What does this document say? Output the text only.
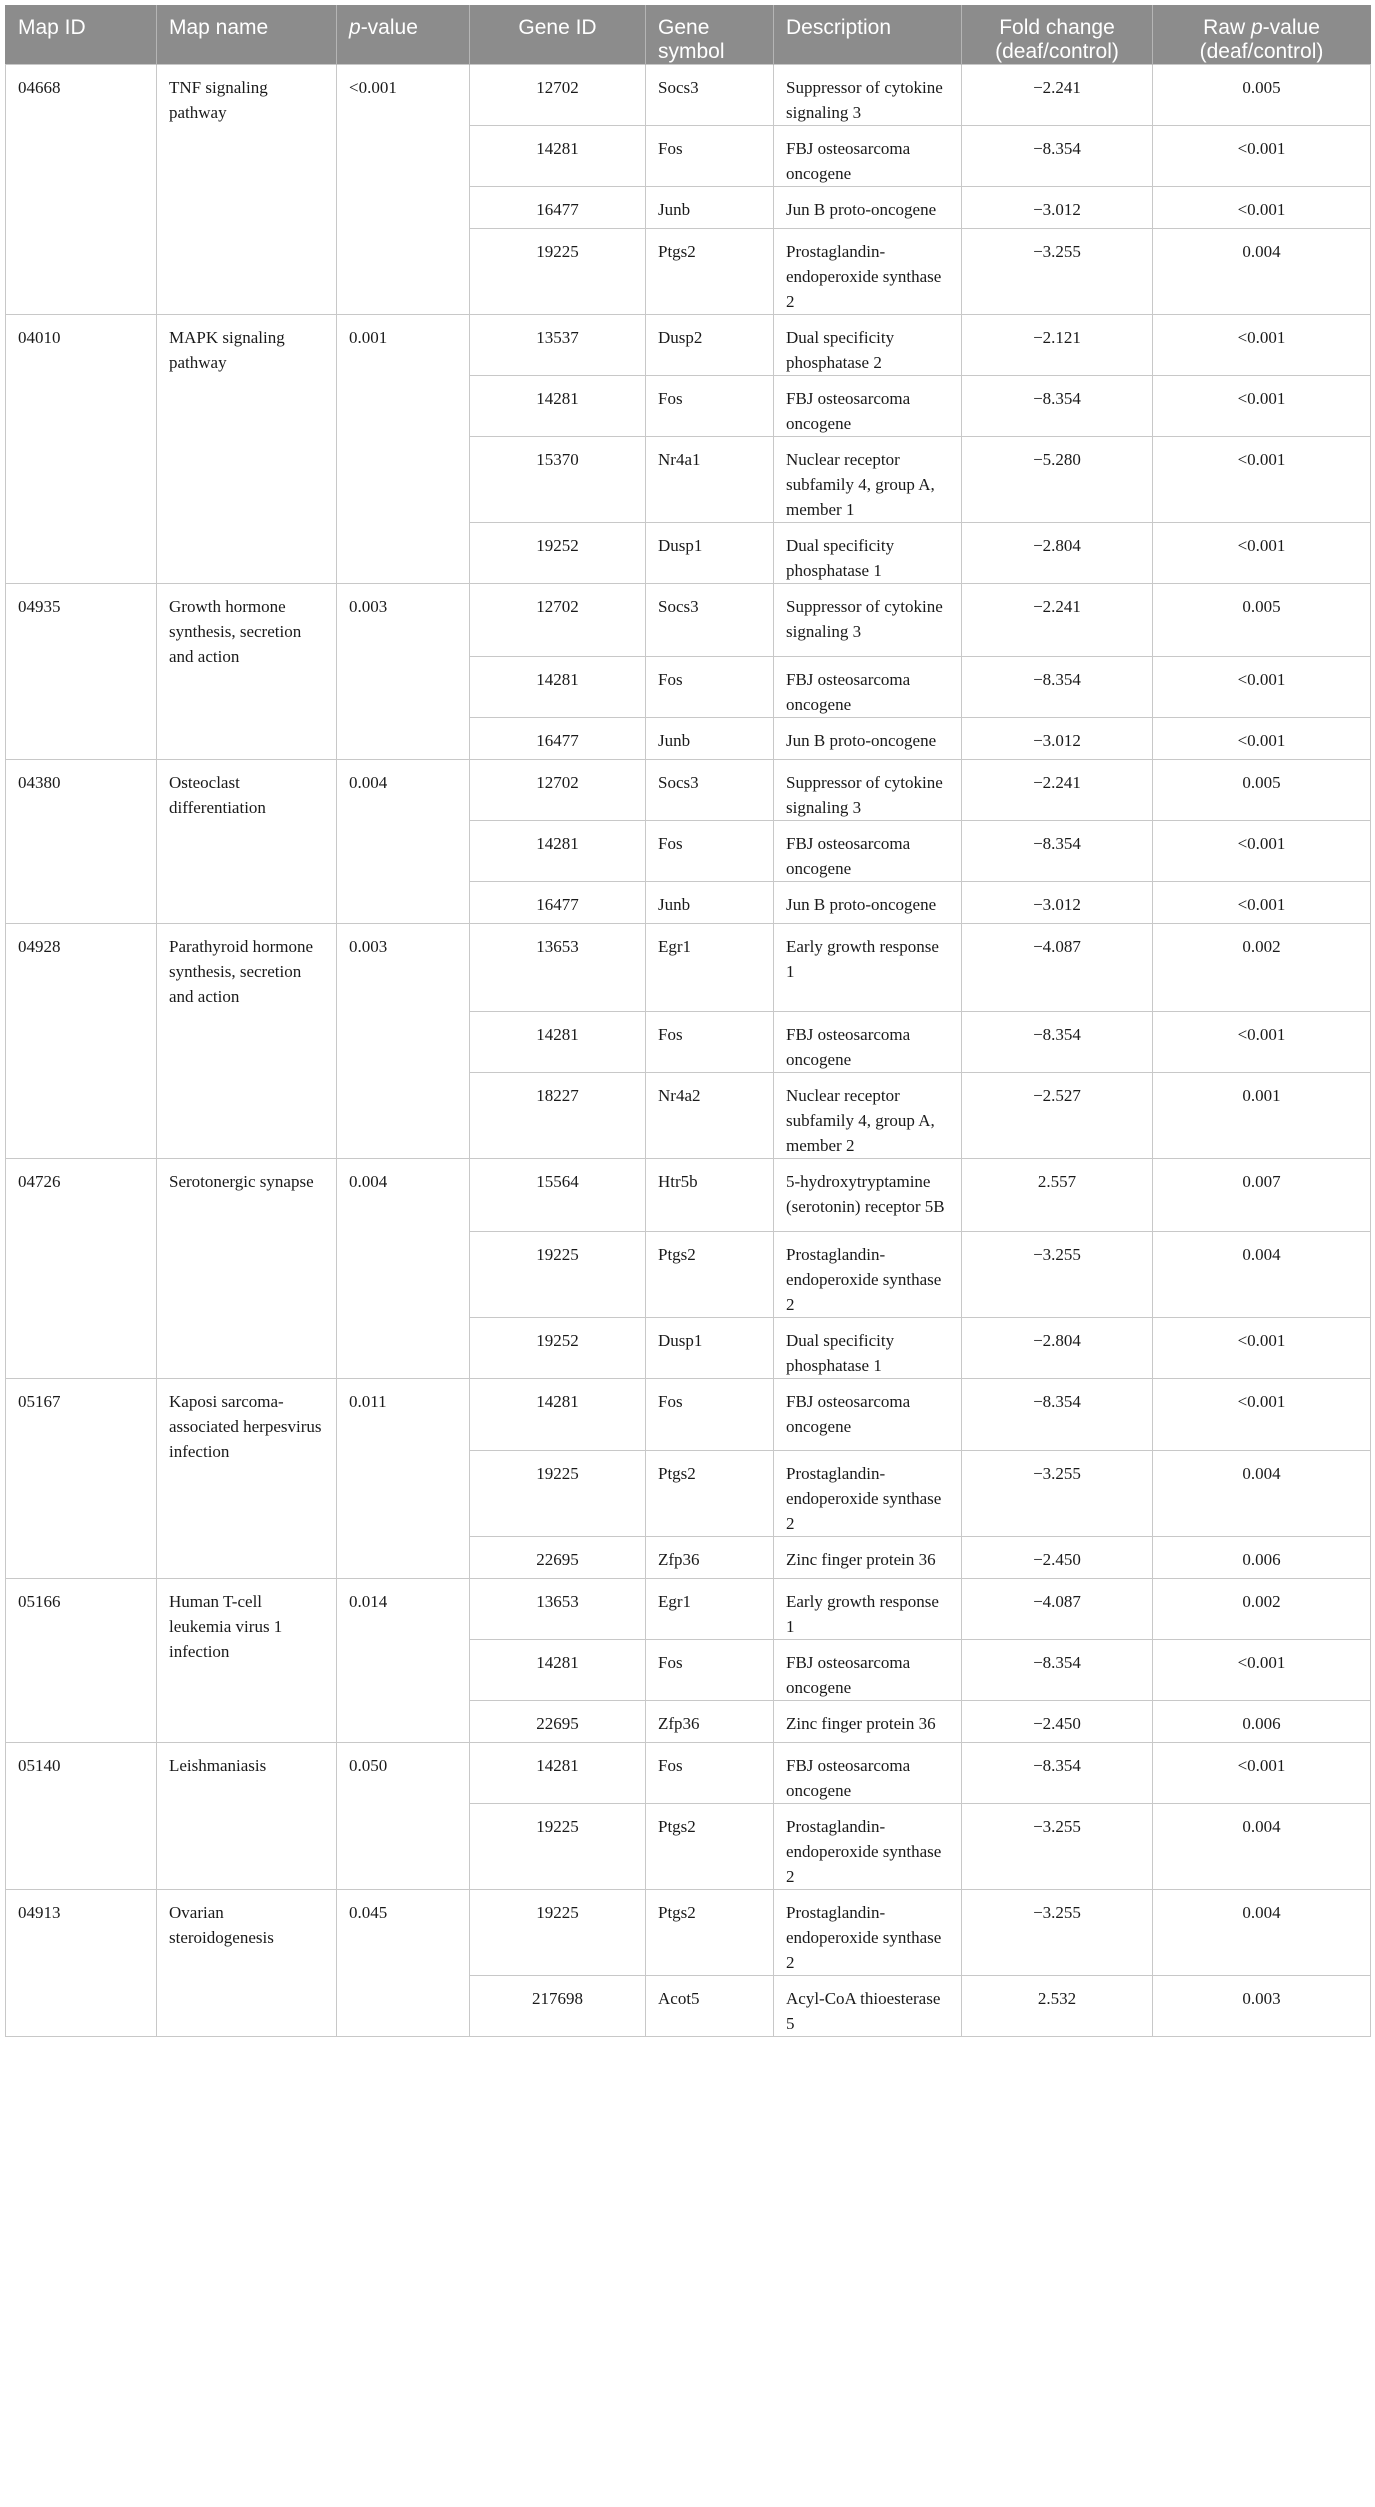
Map ID	Map name	p-value	Gene ID	Gene symbol	Description	Fold change (deaf/control)	Raw p-value (deaf/control)
04668	TNF signaling pathway	<0.001	12702	Socs3	Suppressor of cytokine signaling 3	−2.241	0.005
			14281	Fos	FBJ osteosarcoma oncogene	−8.354	<0.001
			16477	Junb	Jun B proto-oncogene	−3.012	<0.001
			19225	Ptgs2	Prostaglandin-endoperoxide synthase 2	−3.255	0.004
04010	MAPK signaling pathway	0.001	13537	Dusp2	Dual specificity phosphatase 2	−2.121	<0.001
			14281	Fos	FBJ osteosarcoma oncogene	−8.354	<0.001
			15370	Nr4a1	Nuclear receptor subfamily 4, group A, member 1	−5.280	<0.001
			19252	Dusp1	Dual specificity phosphatase 1	−2.804	<0.001
04935	Growth hormone synthesis, secretion and action	0.003	12702	Socs3	Suppressor of cytokine signaling 3	−2.241	0.005
			14281	Fos	FBJ osteosarcoma oncogene	−8.354	<0.001
			16477	Junb	Jun B proto-oncogene	−3.012	<0.001
04380	Osteoclast differentiation	0.004	12702	Socs3	Suppressor of cytokine signaling 3	−2.241	0.005
			14281	Fos	FBJ osteosarcoma oncogene	−8.354	<0.001
			16477	Junb	Jun B proto-oncogene	−3.012	<0.001
04928	Parathyroid hormone synthesis, secretion and action	0.003	13653	Egr1	Early growth response 1	−4.087	0.002
			14281	Fos	FBJ osteosarcoma oncogene	−8.354	<0.001
			18227	Nr4a2	Nuclear receptor subfamily 4, group A, member 2	−2.527	0.001
04726	Serotonergic synapse	0.004	15564	Htr5b	5-hydroxytryptamine (serotonin) receptor 5B	2.557	0.007
			19225	Ptgs2	Prostaglandin-endoperoxide synthase 2	−3.255	0.004
			19252	Dusp1	Dual specificity phosphatase 1	−2.804	<0.001
05167	Kaposi sarcoma-associated herpesvirus infection	0.011	14281	Fos	FBJ osteosarcoma oncogene	−8.354	<0.001
			19225	Ptgs2	Prostaglandin-endoperoxide synthase 2	−3.255	0.004
			22695	Zfp36	Zinc finger protein 36	−2.450	0.006
05166	Human T-cell leukemia virus 1 infection	0.014	13653	Egr1	Early growth response 1	−4.087	0.002
			14281	Fos	FBJ osteosarcoma oncogene	−8.354	<0.001
			22695	Zfp36	Zinc finger protein 36	−2.450	0.006
05140	Leishmaniasis	0.050	14281	Fos	FBJ osteosarcoma oncogene	−8.354	<0.001
			19225	Ptgs2	Prostaglandin-endoperoxide synthase 2	−3.255	0.004
04913	Ovarian steroidogenesis	0.045	19225	Ptgs2	Prostaglandin-endoperoxide synthase 2	−3.255	0.004
			217698	Acot5	Acyl-CoA thioesterase 5	2.532	0.003
